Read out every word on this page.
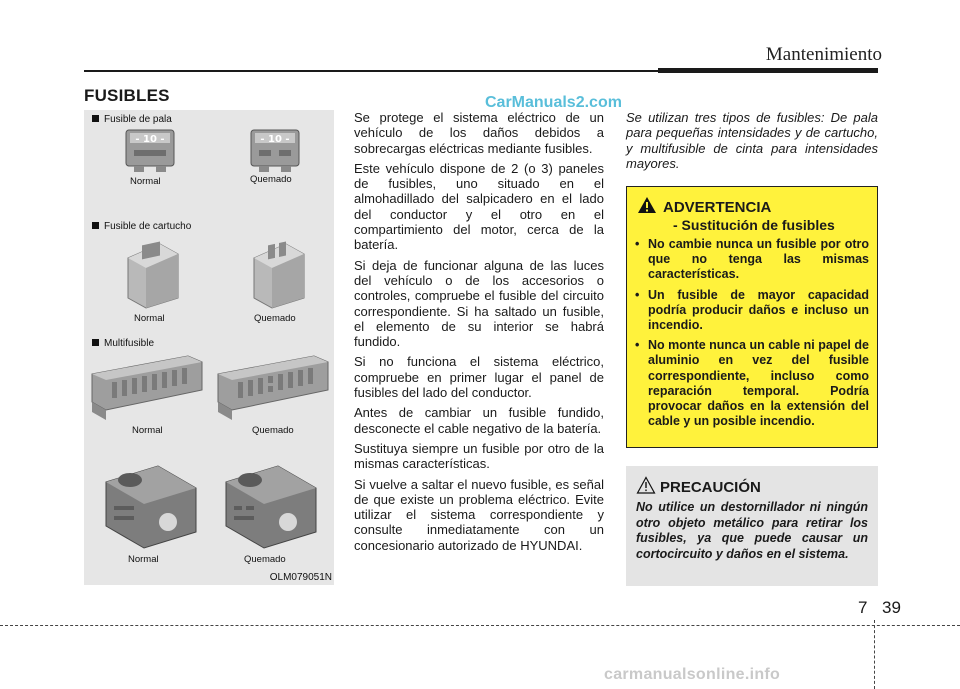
Mantenimiento
FUSIBLES	CarManuals2.com
Fusible de pala
- 10 -	- 10 -
Normal	Quemado
Fusible de cartucho
Normal	Quemado
Multifusible
Normal	Quemado
Normal	Quemado
OLM079051N

Se protege el sistema eléctrico de un vehículo de los daños debidos a sobrecargas eléctricas mediante fusibles.

Este vehículo dispone de 2 (o 3) paneles de fusibles, uno situado en el almohadillado del salpicadero en el lado del conductor y el otro en el compartimiento del motor, cerca de la batería.

Si deja de funcionar alguna de las luces del vehículo o de los accesorios o controles, compruebe el fusible del circuito correspondiente. Si ha saltado un fusible, el elemento de su interior se habrá fundido.

Si no funciona el sistema eléctrico, compruebe en primer lugar el panel de fusibles del lado del conductor.

Antes de cambiar un fusible fundido, desconecte el cable negativo de la batería.

Sustituya siempre un fusible por otro de la mismas características.

Si vuelve a saltar el nuevo fusible, es señal de que existe un problema eléctrico. Evite utilizar el sistema correspondiente y consulte inmediatamente con un concesionario autorizado de HYUNDAI.

Se utilizan tres tipos de fusibles: De pala para pequeñas intensidades y de cartucho, y multifusible de cinta para intensidades mayores.
ADVERTENCIA
- Sustitución de fusibles
• No cambie nunca un fusible por otro que no tenga las mismas características.
• Un fusible de mayor capacidad podría producir daños e incluso un incendio.
• No monte nunca un cable ni papel de aluminio en vez del fusible correspondiente, incluso como reparación temporal. Podría provocar daños en la extensión del cable y un posible incendio.
PRECAUCIÓN
No utilice un destornillador ni ningún otro objeto metálico para retirar los fusibles, ya que puede causar un cortocircuito y daños en el sistema.
7 39
carmanualsonline.info
